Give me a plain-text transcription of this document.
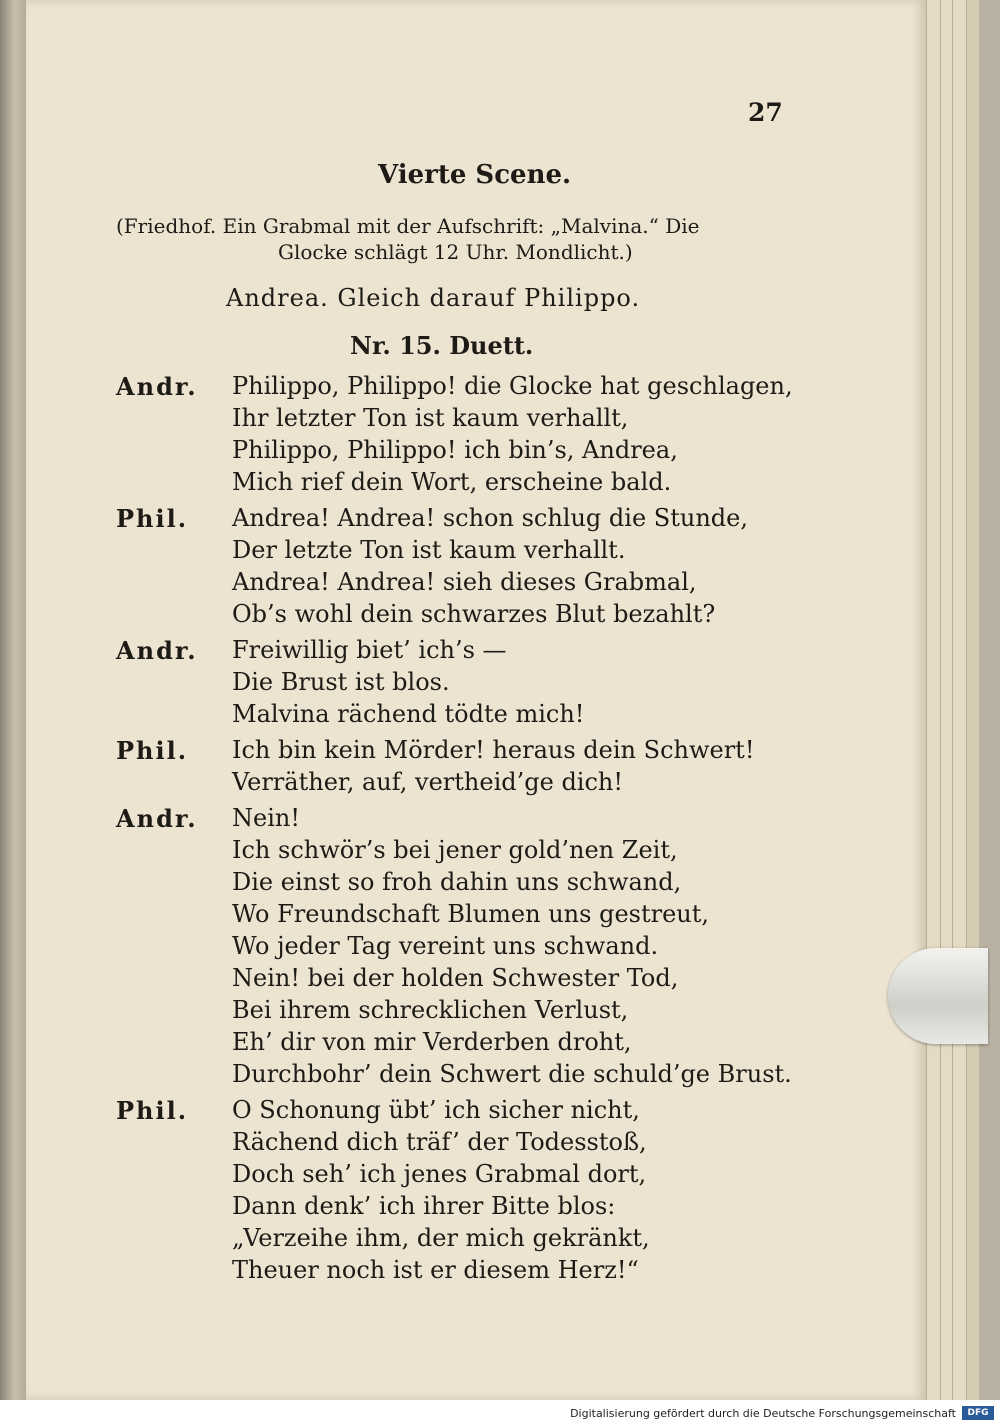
27
Vierte Scene.
(Friedhof. Ein Grabmal mit der Aufschrift: „Malvina.“ Die
Glocke schlägt 12 Uhr. Mondlicht.)
Andrea. Gleich darauf Philippo.
Nr. 15. Duett.
Andr. Philippo, Philippo! die Glocke hat geschlagen,
Ihr letzter Ton ist kaum verhallt,
Philippo, Philippo! ich bin’s, Andrea,
Mich rief dein Wort, erscheine bald.
Phil. Andrea! Andrea! schon schlug die Stunde,
Der letzte Ton ist kaum verhallt.
Andrea! Andrea! sieh dieses Grabmal,
Ob’s wohl dein schwarzes Blut bezahlt?
Andr. Freiwillig biet’ ich’s —
Die Brust ist blos.
Malvina rächend tödte mich!
Phil. Ich bin kein Mörder! heraus dein Schwert!
Verräther, auf, vertheid’ge dich!
Andr. Nein!
Ich schwör’s bei jener gold’nen Zeit,
Die einst so froh dahin uns schwand,
Wo Freundschaft Blumen uns gestreut,
Wo jeder Tag vereint uns schwand.
Nein! bei der holden Schwester Tod,
Bei ihrem schrecklichen Verlust,
Eh’ dir von mir Verderben droht,
Durchbohr’ dein Schwert die schuld’ge Brust.
Phil. O Schonung übt’ ich sicher nicht,
Rächend dich träf’ der Todesstoß,
Doch seh’ ich jenes Grabmal dort,
Dann denk’ ich ihrer Bitte blos:
„Verzeihe ihm, der mich gekränkt,
Theuer noch ist er diesem Herz!“
Digitalisierung gefördert durch die Deutsche Forschungsgemeinschaft	DFG
